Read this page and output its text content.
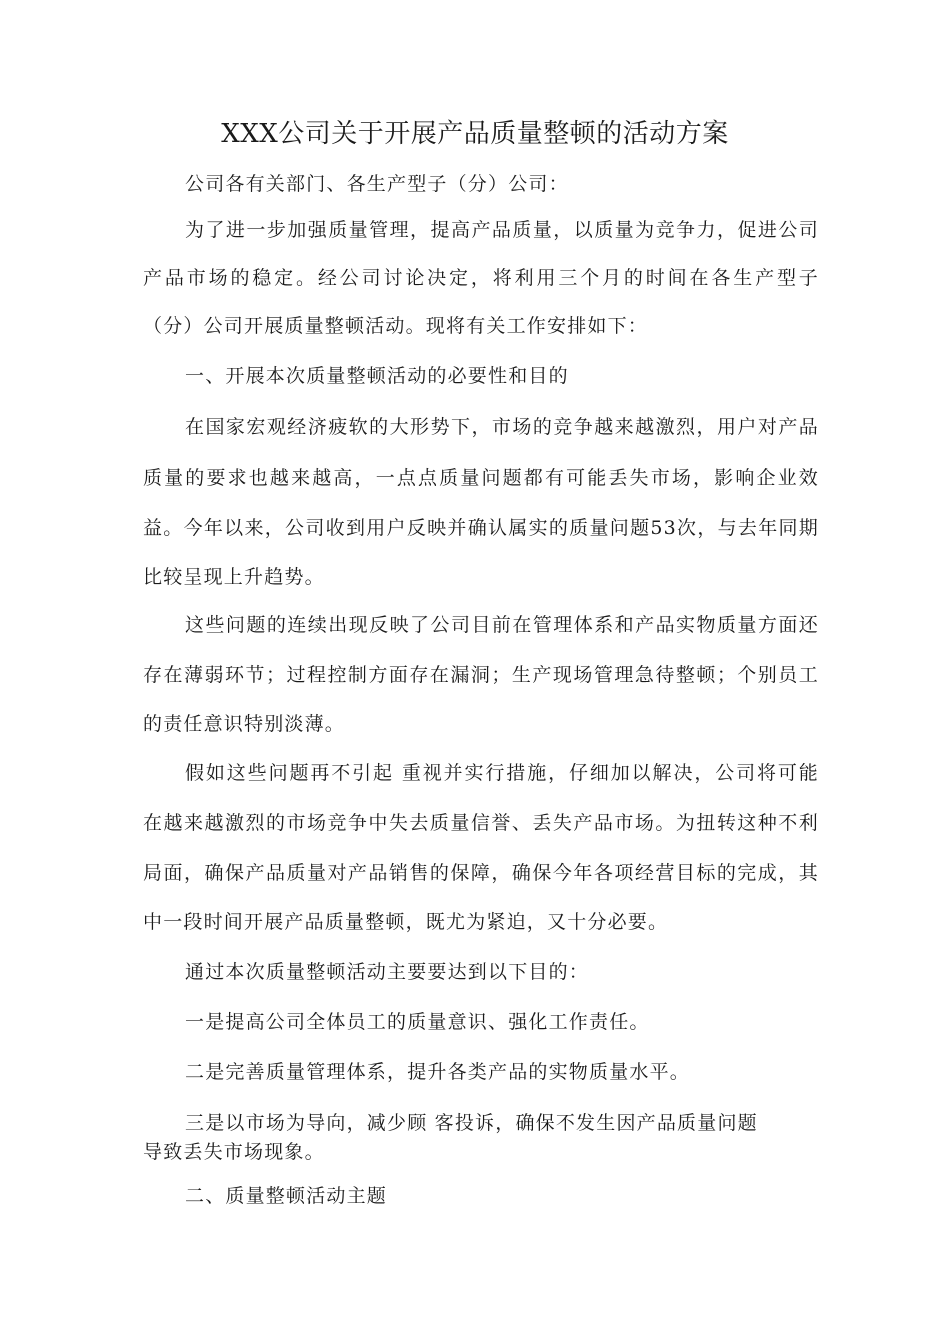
XXX公司关于开展产品质量整顿的活动方案
公司各有关部门、各生产型子（分）公司：
为了进一步加强质量管理，提高产品质量，以质量为竞争力，促进公司
产品市场的稳定。经公司讨论决定，将利用三个月的时间在各生产型子
（分）公司开展质量整顿活动。现将有关工作安排如下：
一、开展本次质量整顿活动的必要性和目的
在国家宏观经济疲软的大形势下，市场的竞争越来越激烈，用户对产品
质量的要求也越来越高，一点点质量问题都有可能丢失市场，影响企业效
益。今年以来，公司收到用户反映并确认属实的质量问题53次，与去年同期
比较呈现上升趋势。
这些问题的连续出现反映了公司目前在管理体系和产品实物质量方面还
存在薄弱环节；过程控制方面存在漏洞；生产现场管理急待整顿；个别员工
的责任意识特别淡薄。
假如这些问题再不引起 重视并实行措施，仔细加以解决，公司将可能
在越来越激烈的市场竞争中失去质量信誉、丢失产品市场。为扭转这种不利
局面，确保产品质量对产品销售的保障，确保今年各项经营目标的完成，其
中一段时间开展产品质量整顿，既尤为紧迫，又十分必要。
通过本次质量整顿活动主要要达到以下目的：
一是提高公司全体员工的质量意识、强化工作责任。
二是完善质量管理体系，提升各类产品的实物质量水平。
三是以市场为导向，减少顾 客投诉，确保不发生因产品质量问题
导致丢失市场现象。
二、质量整顿活动主题
